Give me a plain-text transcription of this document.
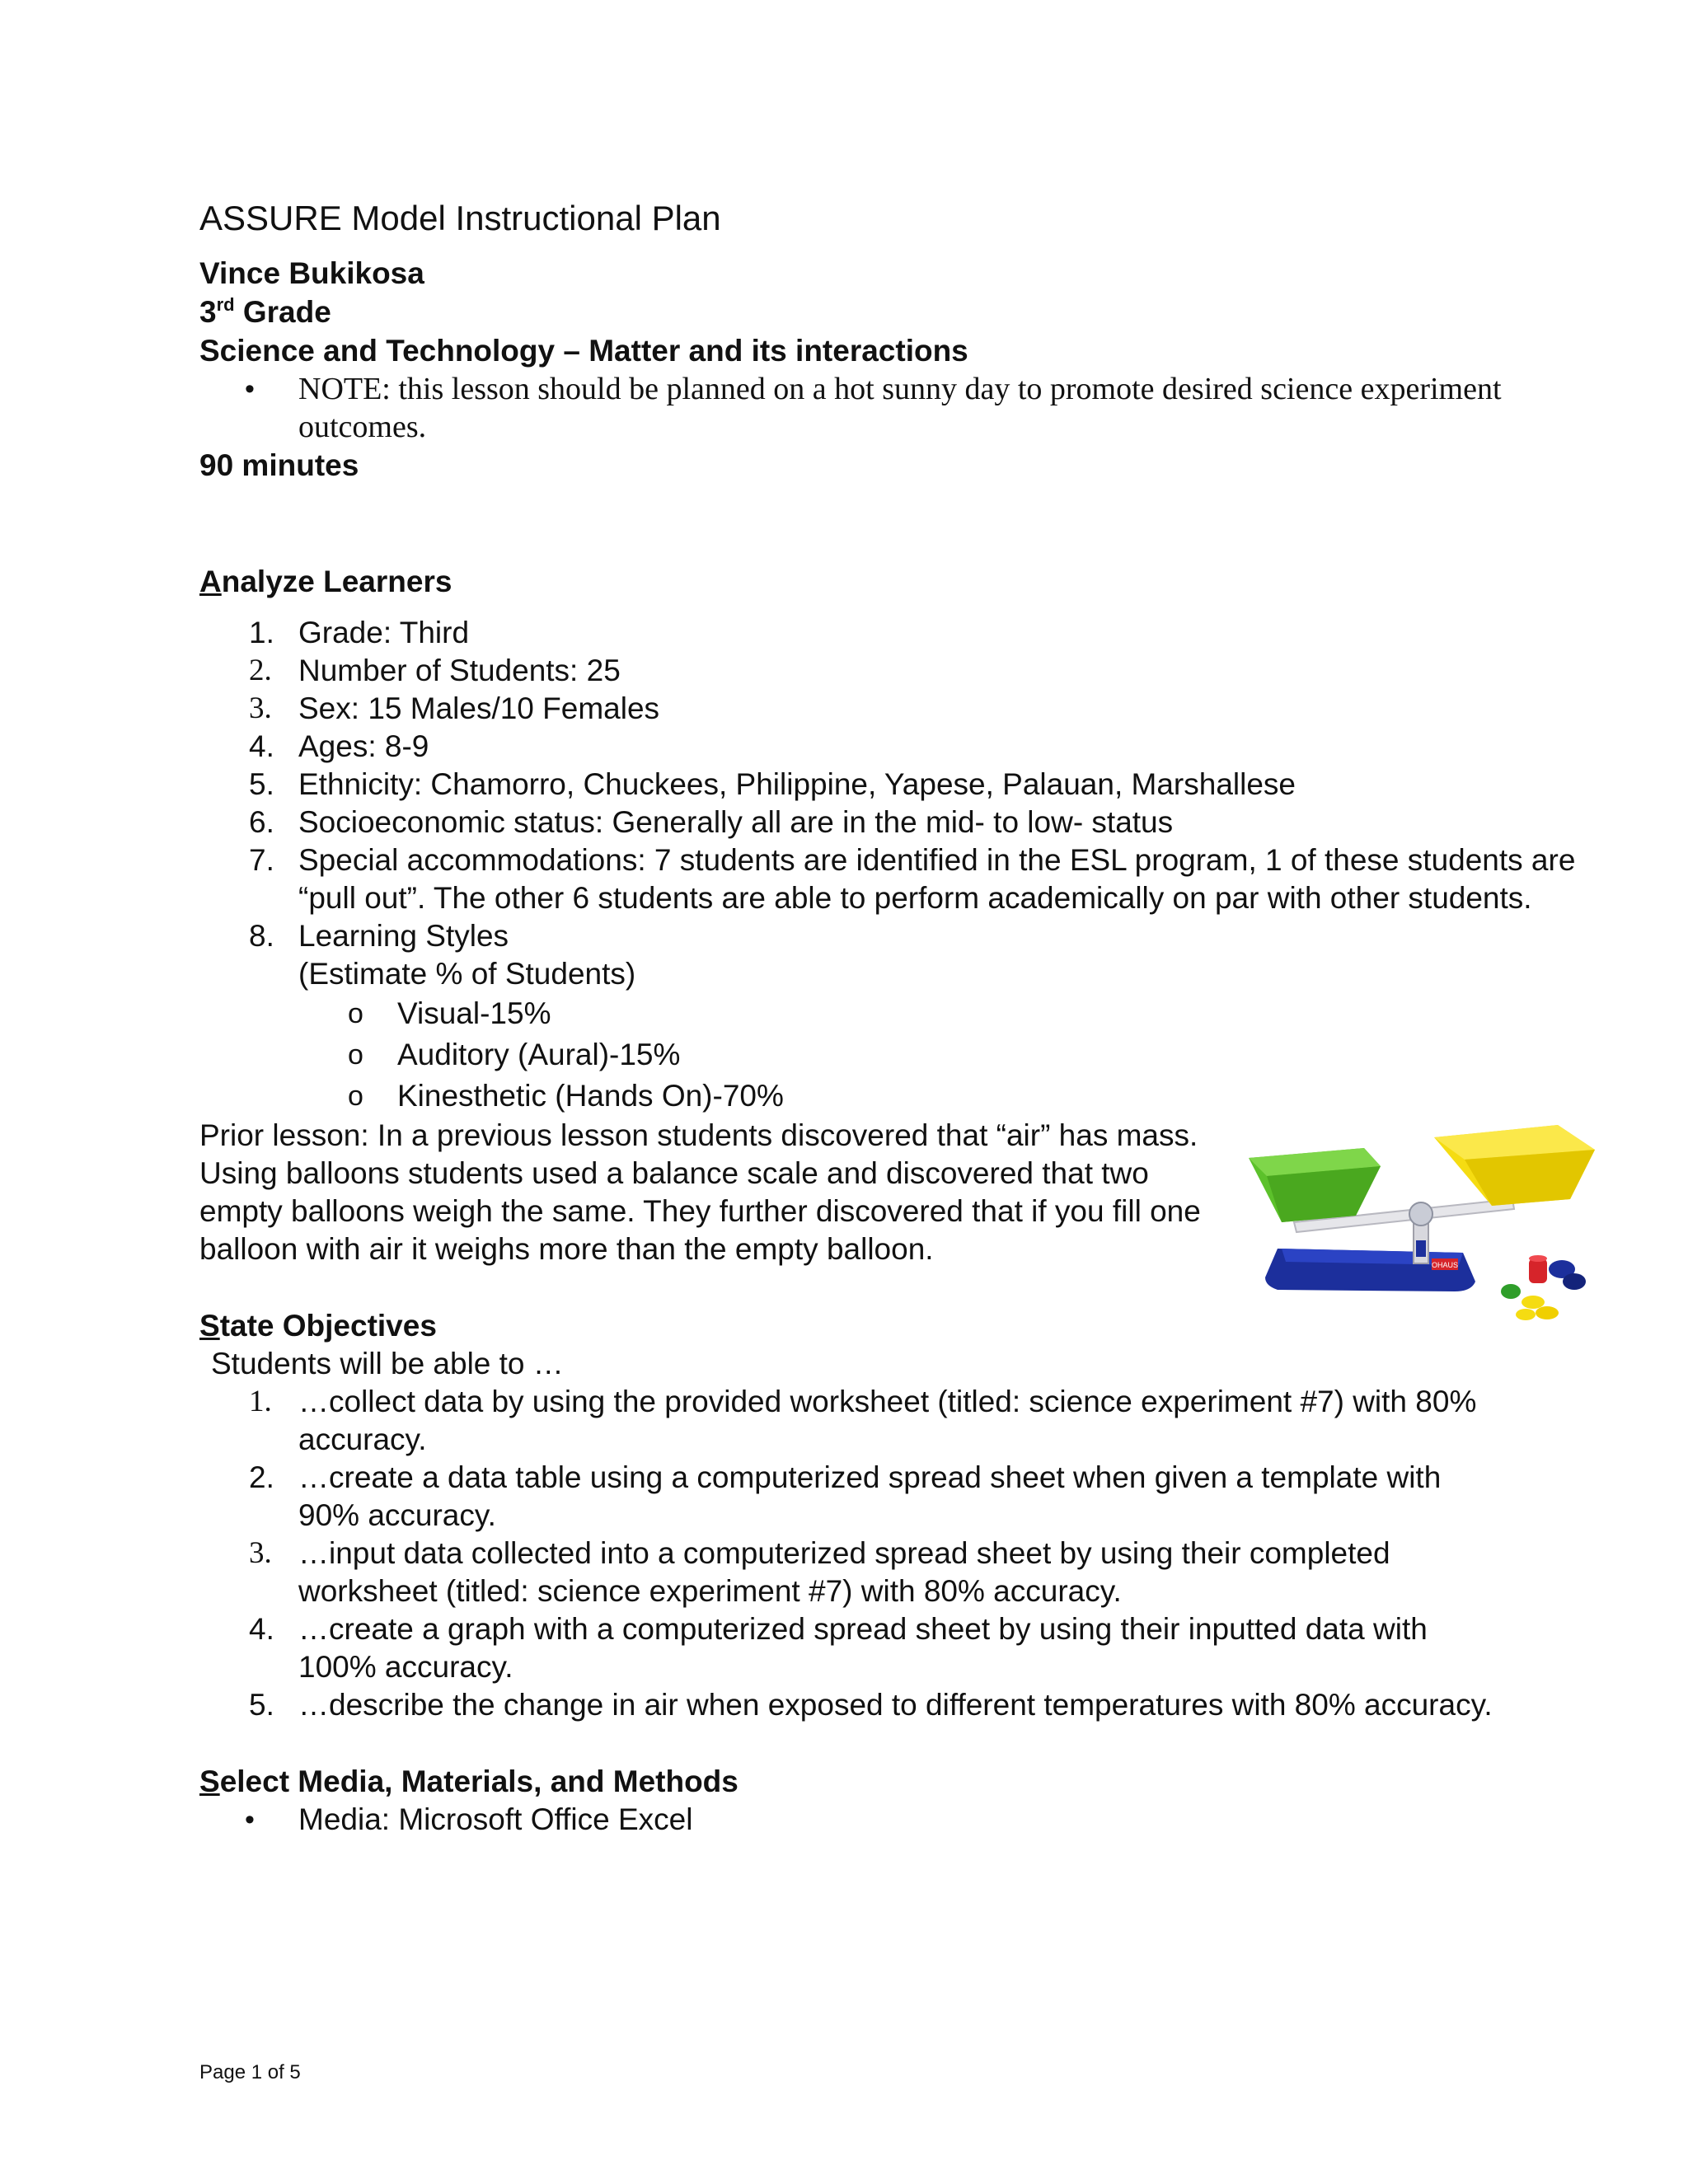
ASSURE Model Instructional Plan
Vince Bukikosa
3rd Grade
Science and Technology – Matter and its interactions
• NOTE: this lesson should be planned on a hot sunny day to promote desired science experiment outcomes.
90 minutes
Analyze Learners
1. Grade: Third
2. Number of Students: 25
3. Sex: 15 Males/10 Females
4. Ages: 8-9
5. Ethnicity: Chamorro, Chuckees, Philippine, Yapese, Palauan, Marshallese
6. Socioeconomic status: Generally all are in the mid- to low- status
7. Special accommodations: 7 students are identified in the ESL program, 1 of these students are “pull out”. The other 6 students are able to perform academically on par with other students.
8. Learning Styles
(Estimate % of Students)
o Visual-15%
o Auditory (Aural)-15%
o Kinesthetic (Hands On)-70%

Prior lesson: In a previous lesson students discovered that “air” has mass. Using balloons students used a balance scale and discovered that two empty balloons weigh the same. They further discovered that if you fill one balloon with air it weighs more than the empty balloon.

State Objectives
Students will be able to …
1. …collect data by using the provided worksheet (titled: science experiment #7) with 80% accuracy.
2. …create a data table using a computerized spread sheet when given a template with 90% accuracy.
3. …input data collected into a computerized spread sheet by using their completed worksheet (titled: science experiment #7) with 80% accuracy.
4. …create a graph with a computerized spread sheet by using their inputted data with 100% accuracy.
5. …describe the change in air when exposed to different temperatures with 80% accuracy.
Select Media, Materials, and Methods
• Media: Microsoft Office Excel
OHAUS
Page 1 of 5
